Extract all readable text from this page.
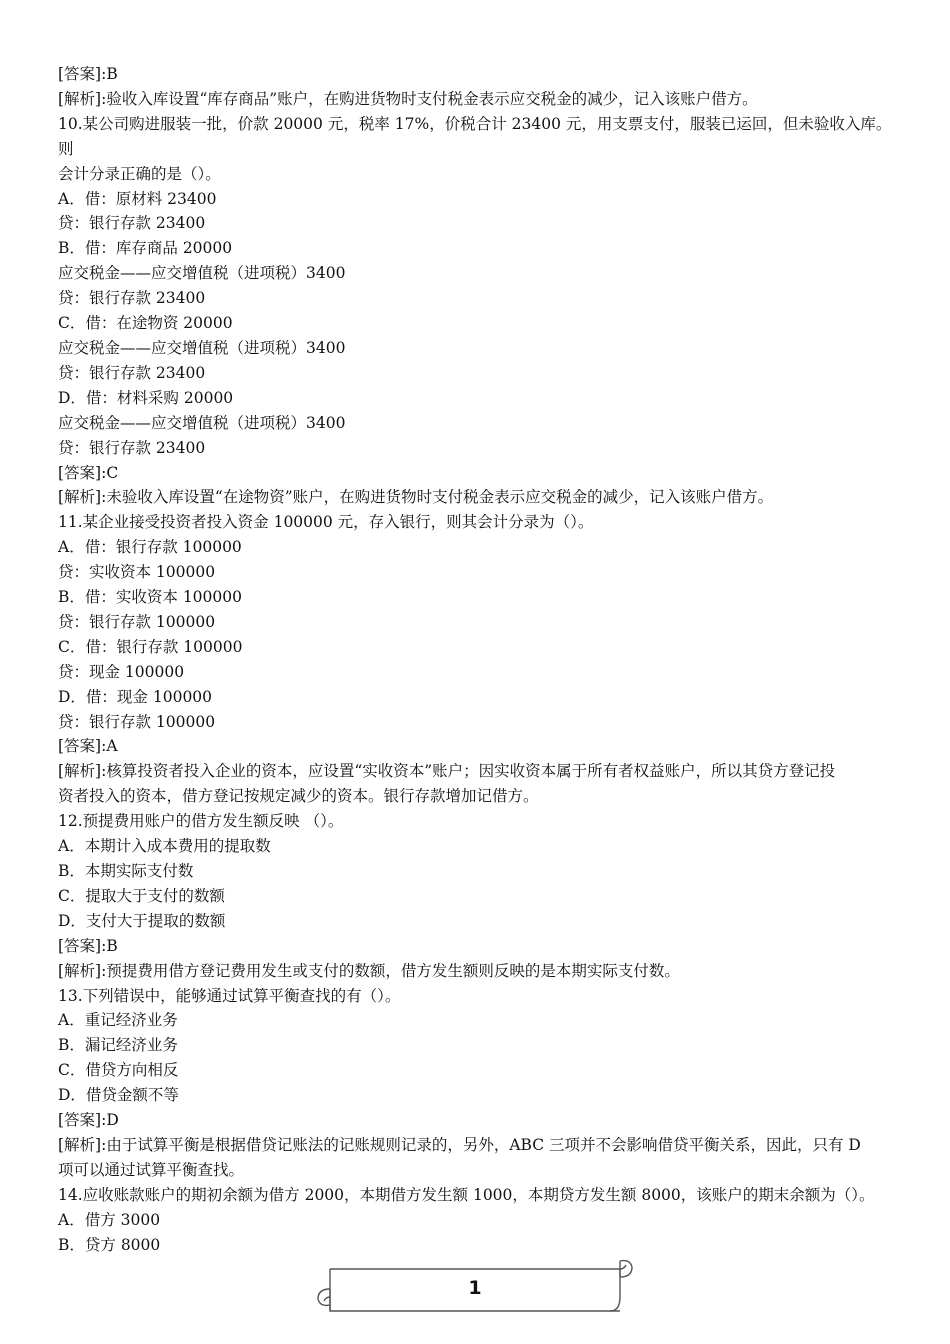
[答案]:B
[解析]:验收入库设置“库存商品”账户，在购进货物时支付税金表示应交税金的减少，记入该账户借方。
10.某公司购进服装一批，价款 20000 元，税率 17%，价税合计 23400 元，用支票支付，服装已运回，但未验收入库。则
会计分录正确的是（）。
A．借：原材料 23400
贷：银行存款 23400
B．借：库存商品 20000
应交税金——应交增值税（进项税）3400
贷：银行存款 23400
C．借：在途物资 20000
应交税金——应交增值税（进项税）3400
贷：银行存款 23400
D．借：材料采购 20000
应交税金——应交增值税（进项税）3400
贷：银行存款 23400
[答案]:C
[解析]:未验收入库设置“在途物资”账户，在购进货物时支付税金表示应交税金的减少，记入该账户借方。
11.某企业接受投资者投入资金 100000 元，存入银行，则其会计分录为（）。
A．借：银行存款 100000
贷：实收资本 100000
B．借：实收资本 100000
贷：银行存款 100000
C．借：银行存款 100000
贷：现金 100000
D．借：现金 100000
贷：银行存款 100000
[答案]:A
[解析]:核算投资者投入企业的资本，应设置“实收资本”账户；因实收资本属于所有者权益账户，所以其贷方登记投
资者投入的资本，借方登记按规定减少的资本。银行存款增加记借方。
12.预提费用账户的借方发生额反映 （）。
A．本期计入成本费用的提取数
B．本期实际支付数
C．提取大于支付的数额
D．支付大于提取的数额
[答案]:B
[解析]:预提费用借方登记费用发生或支付的数额，借方发生额则反映的是本期实际支付数。
13.下列错误中，能够通过试算平衡查找的有（）。
A．重记经济业务
B．漏记经济业务
C．借贷方向相反
D．借贷金额不等
[答案]:D
[解析]:由于试算平衡是根据借贷记账法的记账规则记录的，另外，ABC 三项并不会影响借贷平衡关系，因此，只有 D
项可以通过试算平衡查找。
14.应收账款账户的期初余额为借方 2000，本期借方发生额 1000，本期贷方发生额 8000，该账户的期末余额为（）。
A．借方 3000
B．贷方 8000
1
